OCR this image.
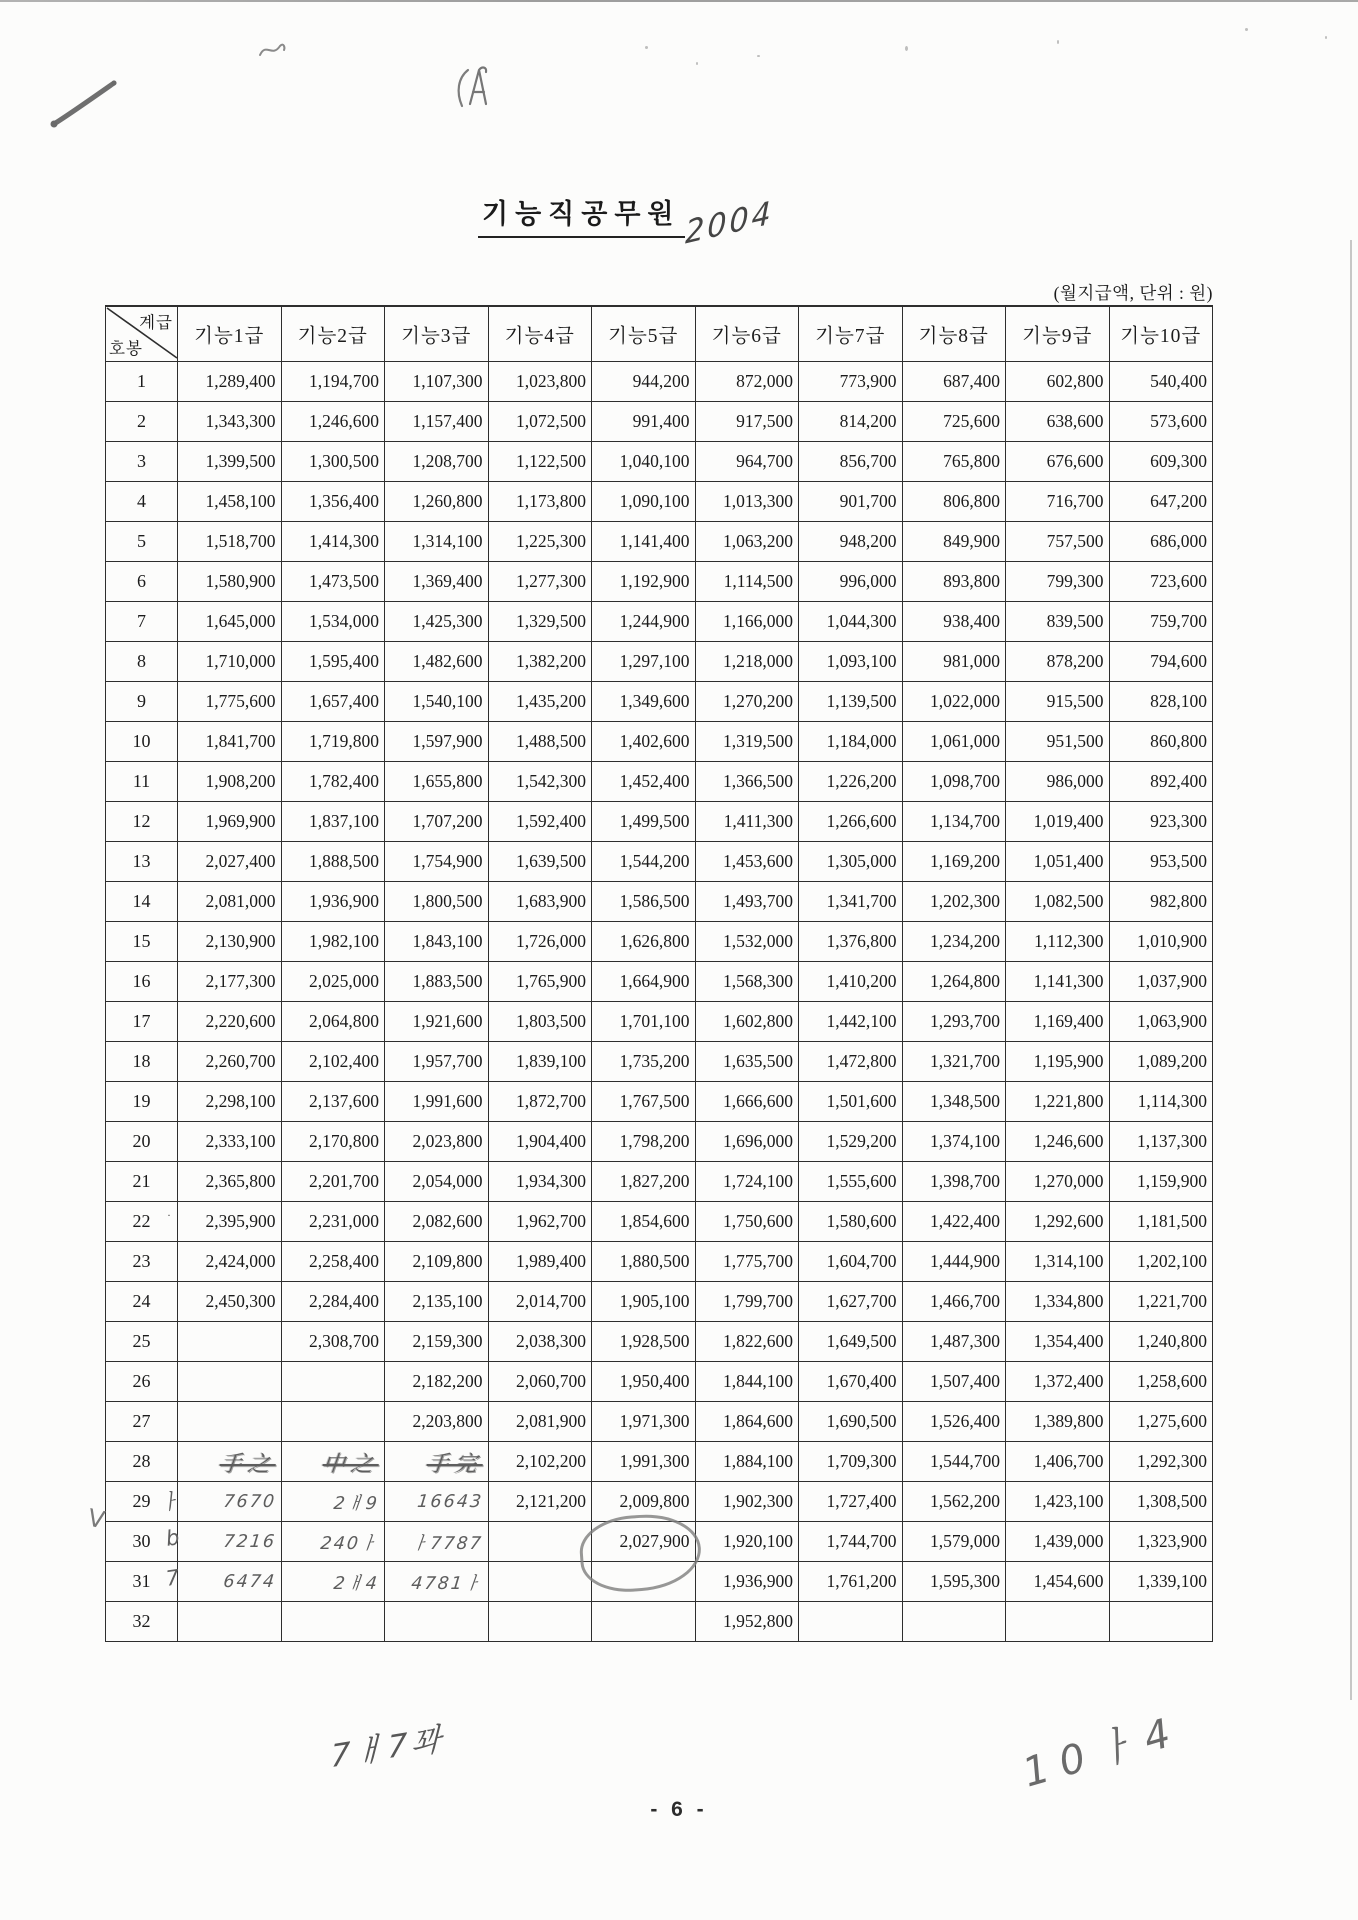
기능직공무원 2004
(월지급액, 단위 : 원)
계급
호봉	기능1급	기능2급	기능3급	기능4급	기능5급	기능6급	기능7급	기능8급	기능9급	기능10급
1	1,289,400	1,194,700	1,107,300	1,023,800	944,200	872,000	773,900	687,400	602,800	540,400
2	1,343,300	1,246,600	1,157,400	1,072,500	991,400	917,500	814,200	725,600	638,600	573,600
3	1,399,500	1,300,500	1,208,700	1,122,500	1,040,100	964,700	856,700	765,800	676,600	609,300
4	1,458,100	1,356,400	1,260,800	1,173,800	1,090,100	1,013,300	901,700	806,800	716,700	647,200
5	1,518,700	1,414,300	1,314,100	1,225,300	1,141,400	1,063,200	948,200	849,900	757,500	686,000
6	1,580,900	1,473,500	1,369,400	1,277,300	1,192,900	1,114,500	996,000	893,800	799,300	723,600
7	1,645,000	1,534,000	1,425,300	1,329,500	1,244,900	1,166,000	1,044,300	938,400	839,500	759,700
8	1,710,000	1,595,400	1,482,600	1,382,200	1,297,100	1,218,000	1,093,100	981,000	878,200	794,600
9	1,775,600	1,657,400	1,540,100	1,435,200	1,349,600	1,270,200	1,139,500	1,022,000	915,500	828,100
10	1,841,700	1,719,800	1,597,900	1,488,500	1,402,600	1,319,500	1,184,000	1,061,000	951,500	860,800
11	1,908,200	1,782,400	1,655,800	1,542,300	1,452,400	1,366,500	1,226,200	1,098,700	986,000	892,400
12	1,969,900	1,837,100	1,707,200	1,592,400	1,499,500	1,411,300	1,266,600	1,134,700	1,019,400	923,300
13	2,027,400	1,888,500	1,754,900	1,639,500	1,544,200	1,453,600	1,305,000	1,169,200	1,051,400	953,500
14	2,081,000	1,936,900	1,800,500	1,683,900	1,586,500	1,493,700	1,341,700	1,202,300	1,082,500	982,800
15	2,130,900	1,982,100	1,843,100	1,726,000	1,626,800	1,532,000	1,376,800	1,234,200	1,112,300	1,010,900
16	2,177,300	2,025,000	1,883,500	1,765,900	1,664,900	1,568,300	1,410,200	1,264,800	1,141,300	1,037,900
17	2,220,600	2,064,800	1,921,600	1,803,500	1,701,100	1,602,800	1,442,100	1,293,700	1,169,400	1,063,900
18	2,260,700	2,102,400	1,957,700	1,839,100	1,735,200	1,635,500	1,472,800	1,321,700	1,195,900	1,089,200
19	2,298,100	2,137,600	1,991,600	1,872,700	1,767,500	1,666,600	1,501,600	1,348,500	1,221,800	1,114,300
20	2,333,100	2,170,800	2,023,800	1,904,400	1,798,200	1,696,000	1,529,200	1,374,100	1,246,600	1,137,300
21	2,365,800	2,201,700	2,054,000	1,934,300	1,827,200	1,724,100	1,555,600	1,398,700	1,270,000	1,159,900
22 ·	2,395,900	2,231,000	2,082,600	1,962,700	1,854,600	1,750,600	1,580,600	1,422,400	1,292,600	1,181,500
23	2,424,000	2,258,400	2,109,800	1,989,400	1,880,500	1,775,700	1,604,700	1,444,900	1,314,100	1,202,100
24	2,450,300	2,284,400	2,135,100	2,014,700	1,905,100	1,799,700	1,627,700	1,466,700	1,334,800	1,221,700
25		2,308,700	2,159,300	2,038,300	1,928,500	1,822,600	1,649,500	1,487,300	1,354,400	1,240,800
26			2,182,200	2,060,700	1,950,400	1,844,100	1,670,400	1,507,400	1,372,400	1,258,600
27			2,203,800	2,081,900	1,971,300	1,864,600	1,690,500	1,526,400	1,389,800	1,275,600
28	手之	中之	手完	2,102,200	1,991,300	1,884,100	1,709,300	1,544,700	1,406,700	1,292,300
29 ㅏ	7670	2ㅐ9	16643	2,121,200	2,009,800	1,902,300	1,727,400	1,562,200	1,423,100	1,308,500
30 b	7216	240ㅏ	ㅏ7787		2,027,900	1,920,100	1,744,700	1,579,000	1,439,000	1,323,900
31 7	6474	2ㅐ4	4781ㅏ			1,936,900	1,761,200	1,595,300	1,454,600	1,339,100
32						1,952,800				
V
7ㅐ7꽈	10ㅏ4
- 6 -
